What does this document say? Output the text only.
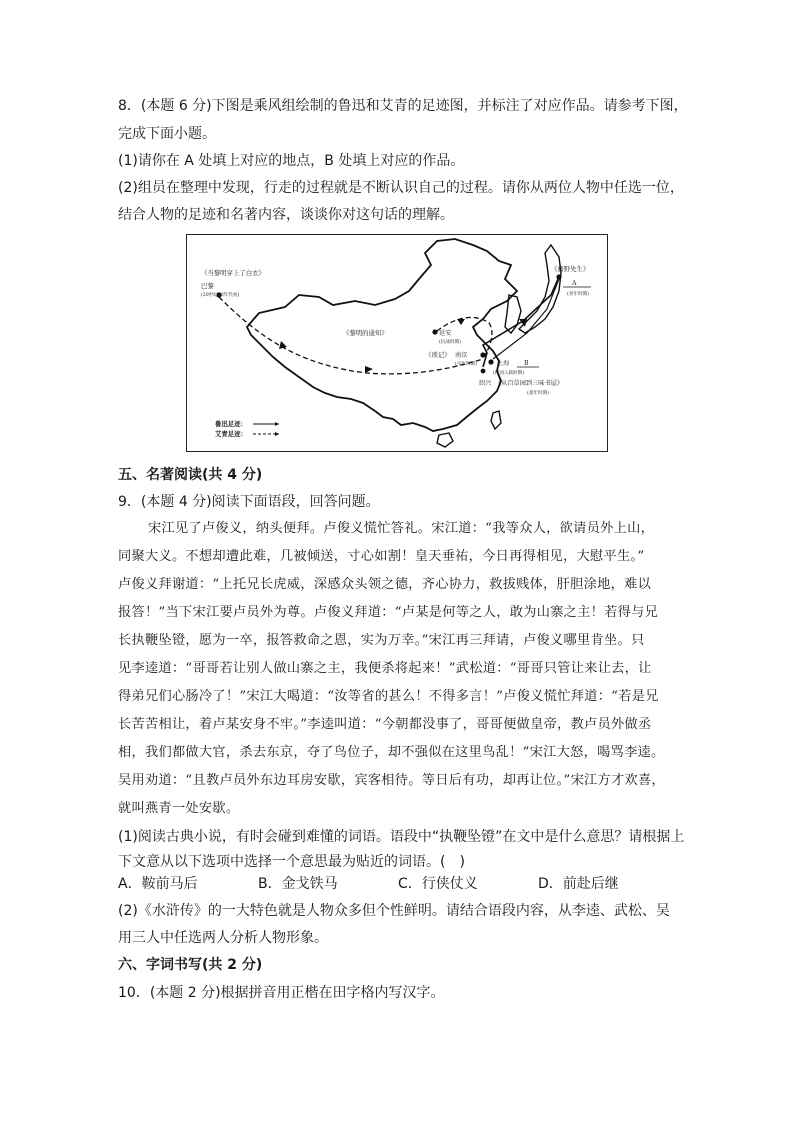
8．(本题 6 分)下图是乘风组绘制的鲁迅和艾青的足迹图，并标注了对应作品。请参考下图，
完成下面小题。
(1)请你在 A 处填上对应的地点，B 处填上对应的作品。
(2)组员在整理中发现，行走的过程就是不断认识自己的过程。请你从两位人物中任选一位，
结合人物的足迹和名著内容，谈谈你对这句话的理解。
《当黎明穿上了白衣》
巴黎
(20世纪30年代初)
《藤野先生》
A
(青年时期)
《黎明的通知》	延安
(抗战时期)
《琐记》 南京
(少年时期)	上海 B
(打国入狱时期)
绍兴 《从百草园到三味书屋》
(童年时期)
鲁迅足迹：
艾青足迹：
五、名著阅读(共 4 分)
9．(本题 4 分)阅读下面语段，回答问题。
宋江见了卢俊义，纳头便拜。卢俊义慌忙答礼。宋江道：“我等众人，欲请员外上山，
同聚大义。不想却遭此难，几被倾送，寸心如割！皇天垂祐，今日再得相见，大慰平生。”
卢俊义拜谢道：“上托兄长虎威，深感众头领之德，齐心协力，救拔贱体，肝胆涂地，难以
报答！”当下宋江要卢员外为尊。卢俊义拜道：“卢某是何等之人，敢为山寨之主！若得与兄
长执鞭坠镫，愿为一卒，报答救命之恩，实为万幸。”宋江再三拜请，卢俊义哪里肯坐。只
见李逵道：“哥哥若让别人做山寨之主，我便杀将起来！”武松道：“哥哥只管让来让去，让
得弟兄们心肠冷了！”宋江大喝道：“汝等省的甚么！不得多言！”卢俊义慌忙拜道：“若是兄
长苦苦相让，着卢某安身不牢。”李逵叫道：“今朝都没事了，哥哥便做皇帝，教卢员外做丞
相，我们都做大官，杀去东京，夺了鸟位子，却不强似在这里鸟乱！”宋江大怒，喝骂李逵。
吴用劝道：“且教卢员外东边耳房安歇，宾客相待。等日后有功，却再让位。”宋江方才欢喜，
就叫燕青一处安歇。
(1)阅读古典小说，有时会碰到难懂的词语。语段中“执鞭坠镫”在文中是什么意思？请根据上
下文意从以下选项中选择一个意思最为贴近的词语。(　)
A．鞍前马后	B．金戈铁马	C．行侠仗义	D．前赴后继
(2)《水浒传》的一大特色就是人物众多但个性鲜明。请结合语段内容，从李逵、武松、吴
用三人中任选两人分析人物形象。
六、字词书写(共 2 分)
10．(本题 2 分)根据拼音用正楷在田字格内写汉字。
